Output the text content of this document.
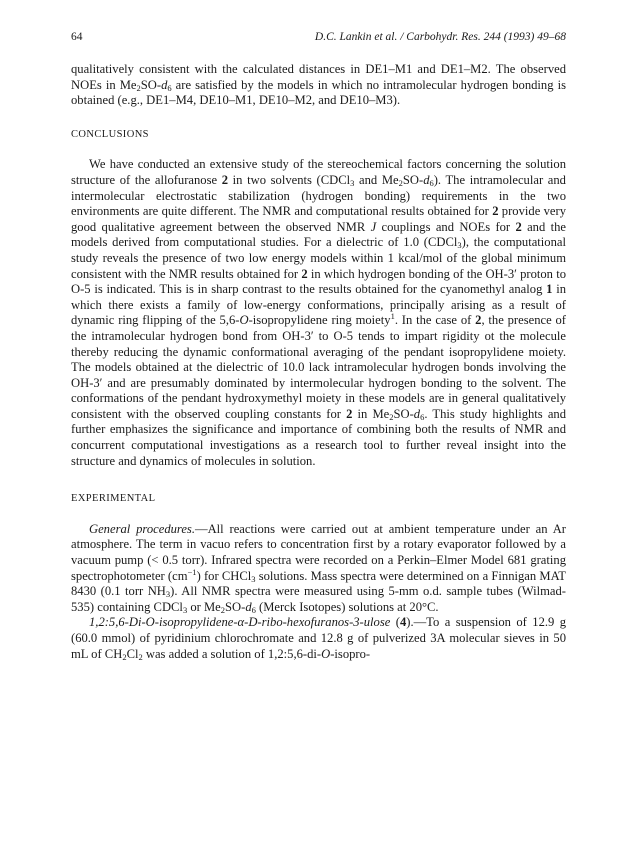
64	D.C. Lankin et al. / Carbohydr. Res. 244 (1993) 49–68

qualitatively consistent with the calculated distances in DE1–M1 and DE1–M2. The observed NOEs in $Me_2SO-d_6$ are satisfied by the models in which no intramolecular hydrogen bonding is obtained (e.g., DE1–M4, DE10–M1, DE10–M2, and DE10–M3).

CONCLUSIONS

We have conducted an extensive study of the stereochemical factors concerning the solution structure of the allofuranose 2 in two solvents (CDCl$_3$ and $Me_2SO-d_6$). The intramolecular and intermolecular electrostatic stabilization (hydrogen bonding) requirements in the two environments are quite different. The NMR and computational results obtained for 2 provide very good qualitative agreement between the observed NMR J couplings and NOEs for 2 and the models derived from computational studies. For a dielectric of 1.0 (CDCl$_3$), the computational study reveals the presence of two low energy models within 1 kcal/mol of the global minimum consistent with the NMR results obtained for 2 in which hydrogen bonding of the OH-3′ proton to O-5 is indicated. This is in sharp contrast to the results obtained for the cyanomethyl analog 1 in which there exists a family of low-energy conformations, principally arising as a result of dynamic ring flipping of the 5,6-O-isopropylidene ring moiety$^1$. In the case of 2, the presence of the intramolecular hydrogen bond from OH-3′ to O-5 tends to impart rigidity ot the molecule thereby reducing the dynamic conformational averaging of the pendant isopropylidene moiety. The models obtained at the dielectric of 10.0 lack intramolecular hydrogen bonds involving the OH-3′ and are presumably dominated by intermolecular hydrogen bonding to the solvent. The conformations of the pendant hydroxymethyl moiety in these models are in general qualitatively consistent with the observed coupling constants for 2 in $Me_2SO-d_6$. This study highlights and further emphasizes the significance and importance of combining both the results of NMR and concurrent computational investigations as a research tool to further reveal insight into the structure and dynamics of molecules in solution.

EXPERIMENTAL

General procedures.—All reactions were carried out at ambient temperature under an Ar atmosphere. The term in vacuo refers to concentration first by a rotary evaporator followed by a vacuum pump (< 0.5 torr). Infrared spectra were recorded on a Perkin–Elmer Model 681 grating spectrophotometer $(cm^{-1})$ for CHCl$_3$ solutions. Mass spectra were determined on a Finnigan MAT 8430 (0.1 torr $NH_3$). All NMR spectra were measured using 5-mm o.d. sample tubes (Wilmad-535) containing CDCl$_3$ or $Me_2SO-d_6$ (Merck Isotopes) solutions at 20°C.

1,2:5,6-Di-O-isopropylidene-α-D-ribo-hexofuranos-3-ulose (4).—To a suspension of 12.9 g (60.0 mmol) of pyridinium chlorochromate and 12.8 g of pulverized 3A molecular sieves in 50 mL of $CH_2Cl_2$ was added a solution of 1,2:5,6-di-O-isopro-
